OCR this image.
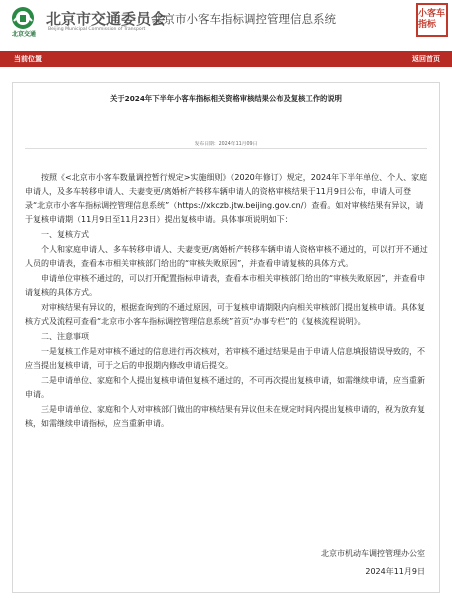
北京交通
北京市交通委员会
Beijing Municipal Commission of Transport
北京市小客车指标调控管理信息系统	小客车指标
当前位置	返回首页
关于2024年下半年小客车指标相关资格审核结果公布及复核工作的说明
发布日期：2024年11月09日

按照《<北京市小客车数量调控暂行规定>实施细则》（2020年修订）规定，2024年下半年单位、个人、家庭申请人，及多车转移申请人、夫妻变更/离婚析产转移车辆申请人的资格审核结果于11月9日公布，申请人可登录“北京市小客车指标调控管理信息系统”（https://xkczb.jtw.beijing.gov.cn/）查看。如对审核结果有异议，请于复核申请期（11月9日至11月23日）提出复核申请。具体事项说明如下：

一、复核方式

个人和家庭申请人、多车转移申请人、夫妻变更/离婚析产转移车辆申请人资格审核不通过的，可以打开不通过人员的申请表，查看本市相关审核部门给出的“审核失败原因”，并查看申请复核的具体方式。

申请单位审核不通过的，可以打开配置指标申请表，查看本市相关审核部门给出的“审核失败原因”，并查看申请复核的具体方式。

对审核结果有异议的，根据查询到的不通过原因，可于复核申请期限内向相关审核部门提出复核申请。具体复核方式及流程可查看“北京市小客车指标调控管理信息系统”首页“办事专栏”的《复核流程说明》。

二、注意事项

一是复核工作是对审核不通过的信息进行再次核对，若审核不通过结果是由于申请人信息填报错误导致的，不应当提出复核申请，可于之后的申报期内修改申请后提交。

二是申请单位、家庭和个人提出复核申请但复核不通过的，不可再次提出复核申请，如需继续申请，应当重新申请。

三是申请单位、家庭和个人对审核部门做出的审核结果有异议但未在规定时间内提出复核申请的，视为放弃复核，如需继续申请指标，应当重新申请。

北京市机动车调控管理办公室
2024年11月9日
